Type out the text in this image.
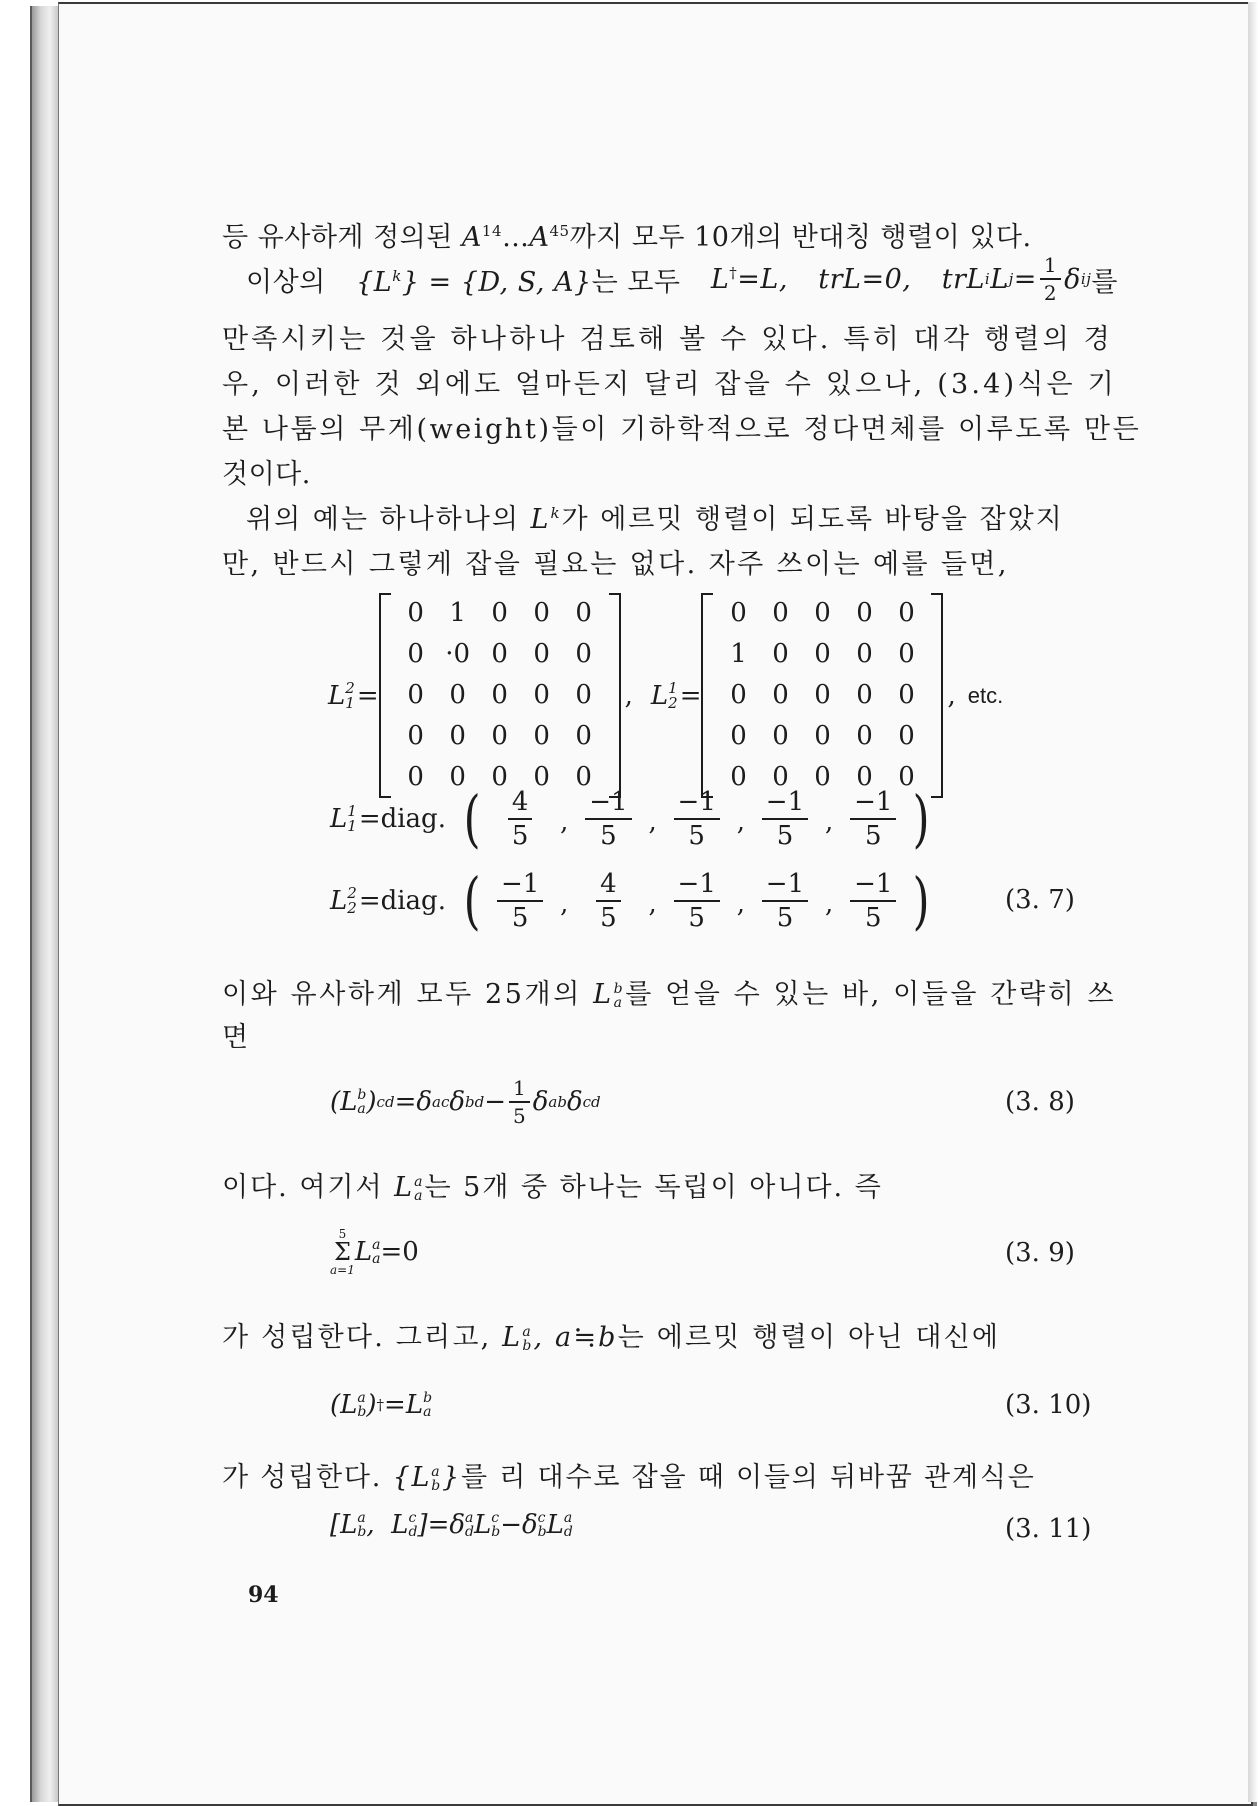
등 유사하게 정의된 $A^{14}\dots A^{45}$까지 모두 10개의 반대칭 행렬이 있다.
이상의 $\{L^k\} = \{D$, S, A}는 모두 L†=L, trL=0, trL i L $j = \frac{1}{2}$ δ ij 를
만족시키는 것을 하나하나 검토해 볼 수 있다. 특히 대각 행렬의 경
우, 이러한 것 외에도 얼마든지 달리 잡을 수 있으나, (3.4)식은 기
본 나툼의 무게(weight)들이 기하학적으로 정다면체를 이루도록 만든
것이다.
위의 예는 하나하나의 $L^k$가 에르밋 행렬이 되도록 바탕을 잡았지
만, 반드시 그렇게 잡을 필요는 없다. 자주 쓰이는 예를 들면,
L 2
1 =
0 1 0 0 0
0 ·0 0 0 0
0 0 0 0 0
0 0 0 0 0
0 0 0 0 0
, L 1
2 =
0 0 0 0 0
1 0 0 0 0
0 0 0 0 0
0 0 0 0 0
0 0 0 0 0
, etc.
L 1
1 =diag. ( $\frac{4}{5}$ , $\frac{-1}{5}$ , $\frac{-1}{5}$ , $\frac{-1}{5}$ , $\frac{-1}{5}$ )
L 2
2 =diag. ( $\frac{-1}{5}$ , $\frac{4}{5}$ , $\frac{-1}{5}$ , $\frac{-1}{5}$ , $\frac{-1}{5}$ )	(3. 7)
이와 유사하게 모두 25개의 L b
a 를 얻을 수 있는 바, 이들을 간략히 쓰
면
(L b
a ) cd =δ ac δ bd − $\frac{1}{5}$ δ ab δ cd	(3. 8)
이다. 여기서 L a
a 는 5개 중 하나는 독립이 아니다. 즉
5
Σ
a=1
L a
a =0	(3. 9)
가 성립한다. 그리고, L a
b , a≒b는 에르밋 행렬이 아닌 대신에
(L a
b ) † =L b
a	(3. 10)
가 성립한다. {L a
b }를 리 대수로 잡을 때 이들의 뒤바꿈 관계식은
[L a
b ,  L c
d ]=δ a
d L c
b −δ c
b L a
d	(3. 11)
94
